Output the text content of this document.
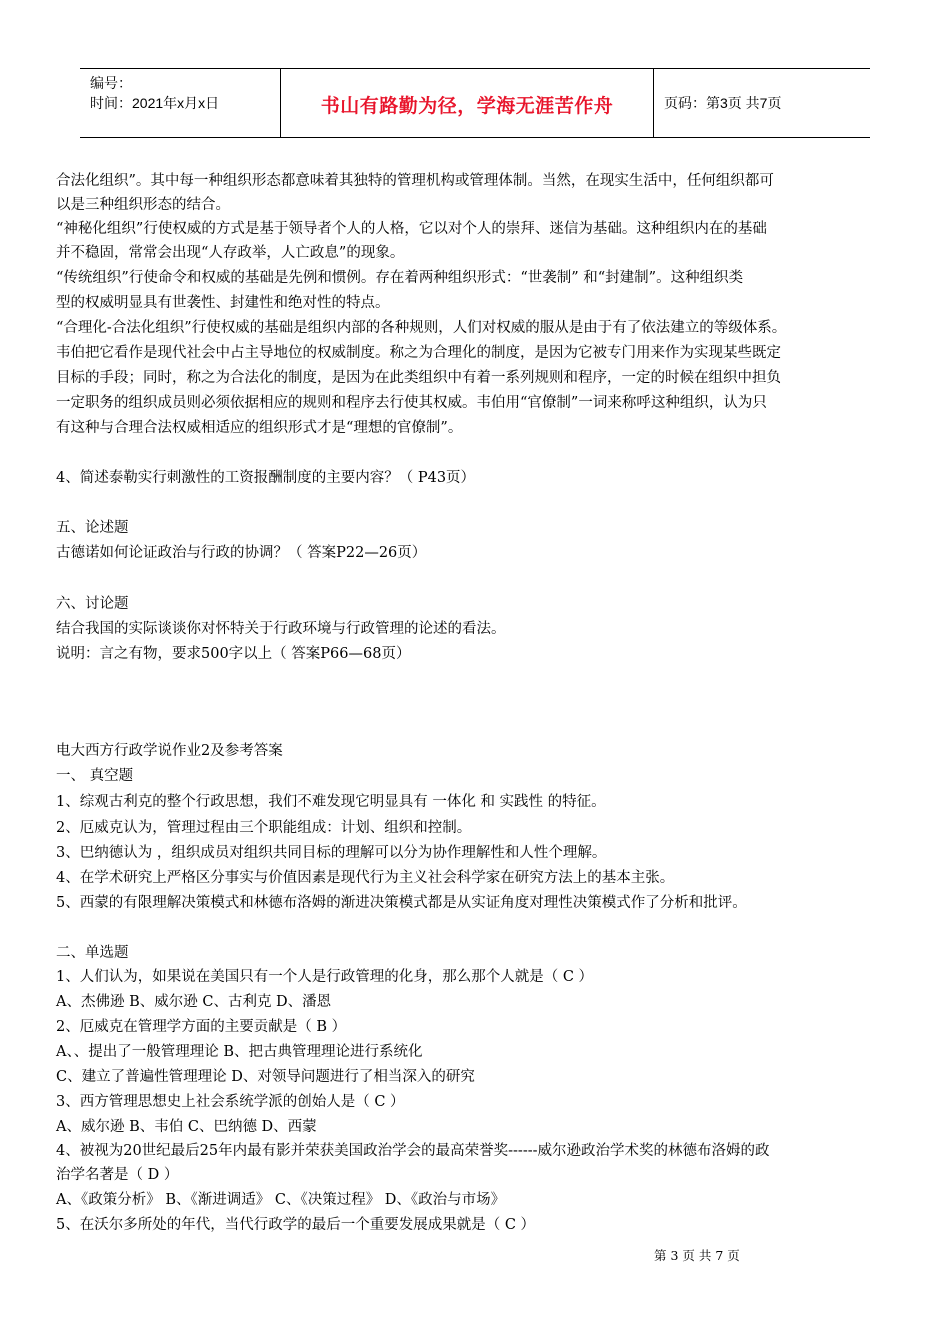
编号：
时间：2021年x月x日	书山有路勤为径，学海无涯苦作舟	页码：第3页 共7页
合法化组织”。其中每一种组织形态都意味着其独特的管理机构或管理体制。当然，在现实生活中，任何组织都可
以是三种组织形态的结合。
“神秘化组织”行使权威的方式是基于领导者个人的人格，它以对个人的崇拜、迷信为基础。这种组织内在的基础
并不稳固，常常会出现“人存政举，人亡政息”的现象。
“传统组织”行使命令和权威的基础是先例和惯例。存在着两种组织形式：“世袭制” 和“封建制”。这种组织类
型的权威明显具有世袭性、封建性和绝对性的特点。
“合理化-合法化组织”行使权威的基础是组织内部的各种规则，人们对权威的服从是由于有了依法建立的等级体系。
韦伯把它看作是现代社会中占主导地位的权威制度。称之为合理化的制度，是因为它被专门用来作为实现某些既定
目标的手段；同时，称之为合法化的制度，是因为在此类组织中有着一系列规则和程序，一定的时候在组织中担负
一定职务的组织成员则必须依据相应的规则和程序去行使其权威。韦伯用“官僚制”一词来称呼这种组织，认为只
有这种与合理合法权威相适应的组织形式才是“理想的官僚制”。
4、简述泰勒实行刺激性的工资报酬制度的主要内容？（ P43页）
五、论述题
古德诺如何论证政治与行政的协调？（ 答案P22—26页）
六、讨论题
结合我国的实际谈谈你对怀特关于行政环境与行政管理的论述的看法。
说明：言之有物，要求500字以上（ 答案P66—68页）
电大西方行政学说作业2及参考答案
一、 真空题
1、综观古利克的整个行政思想，我们不难发现它明显具有 一体化 和 实践性 的特征。
2、厄威克认为，管理过程由三个职能组成：计划、组织和控制。
3、巴纳德认为 ，组织成员对组织共同目标的理解可以分为协作理解性和人性个理解。
4、在学术研究上严格区分事实与价值因素是现代行为主义社会科学家在研究方法上的基本主张。
5、西蒙的有限理解决策模式和林德布洛姆的渐进决策模式都是从实证角度对理性决策模式作了分析和批评。
二、单选题
1、人们认为，如果说在美国只有一个人是行政管理的化身，那么那个人就是（ C ）
A、杰佛逊 B、威尔逊 C、古利克 D、潘恩
2、厄威克在管理学方面的主要贡献是（ B ）
A、、提出了一般管理理论 B、把古典管理理论进行系统化
C、建立了普遍性管理理论 D、对领导问题进行了相当深入的研究
3、西方管理思想史上社会系统学派的创始人是（ C ）
A、威尔逊 B、韦伯 C、巴纳德 D、西蒙
4、被视为20世纪最后25年内最有影并荣获美国政治学会的最高荣誉奖------威尔逊政治学术奖的林德布洛姆的政
治学名著是（ D ）
A、《政策分析》 B、《渐进调适》 C、《决策过程》 D、《政治与市场》
5、在沃尔多所处的年代，当代行政学的最后一个重要发展成果就是（ C ）
第 3 页 共 7 页
